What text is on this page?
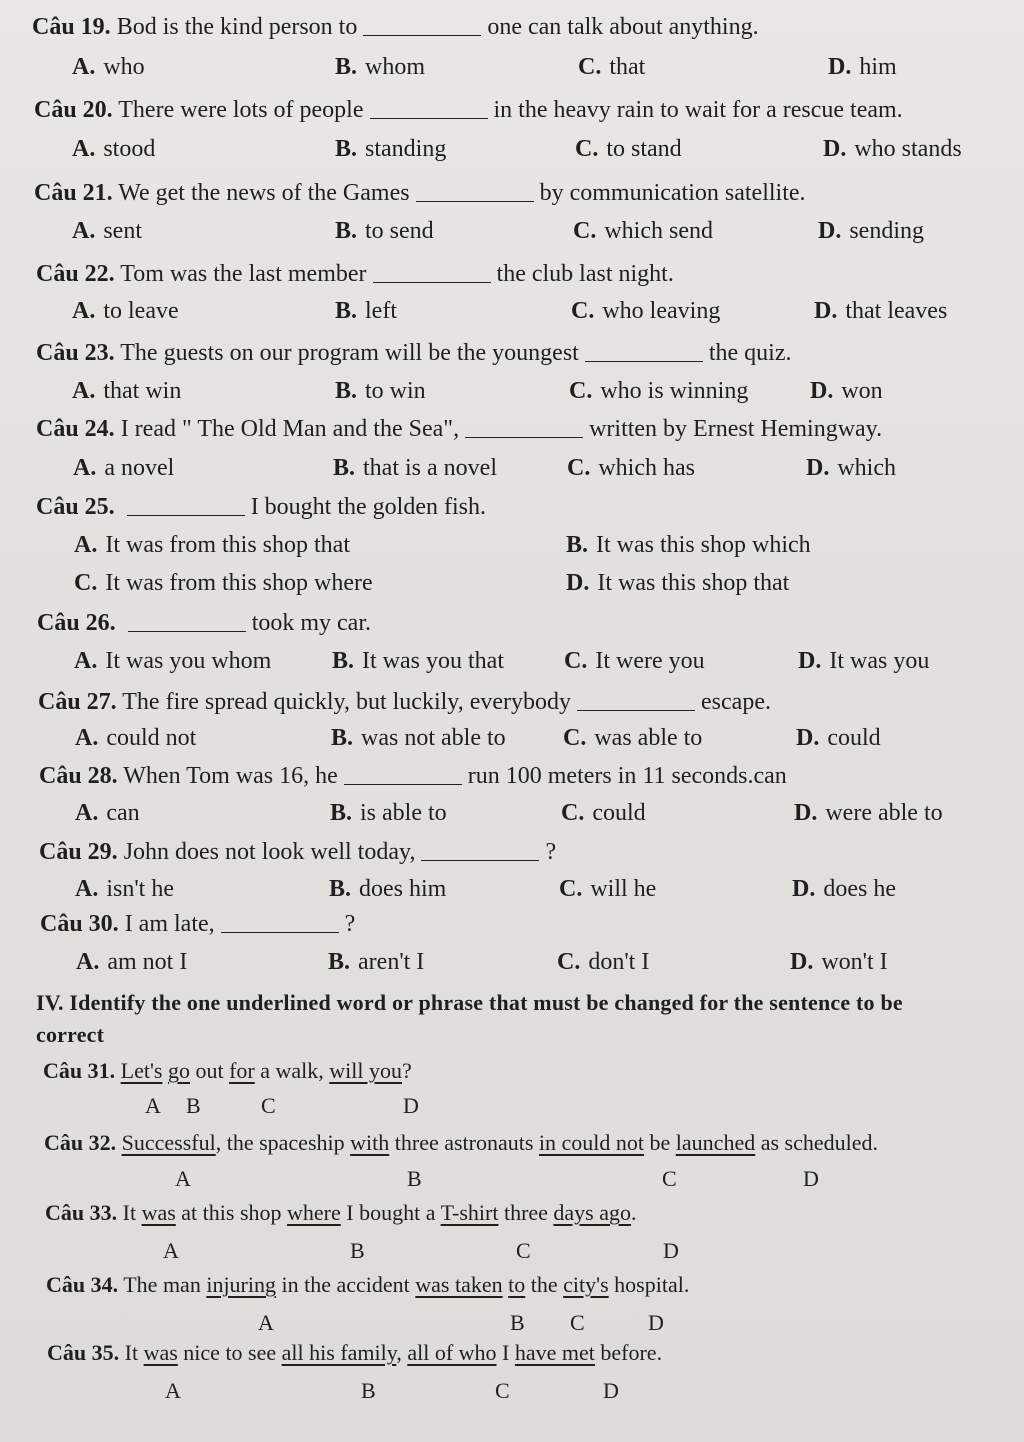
Câu 19. Bod is the kind person to	one can talk about anything.
A. who	B. whom	C. that	D. him
Câu 20. There were lots of people	in the heavy rain to wait for a rescue team.
A. stood	B. standing	C. to stand	D. who stands
Câu 21. We get the news of the Games	by communication satellite.
A. sent	B. to send	C. which send	D. sending
Câu 22. Tom was the last member	the club last night.
A. to leave	B. left	C. who leaving	D. that leaves
Câu 23. The guests on our program will be the youngest	the quiz.
A. that win	B. to win	C. who is winning	D. won
Câu 24. I read " The Old Man and the Sea",	written by Ernest Hemingway.
A. a novel	B. that is a novel	C. which has	D. which
Câu 25.	I bought the golden fish.
A. It was from this shop that	B. It was this shop which
C. It was from this shop where	D. It was this shop that
Câu 26.	took my car.
A. It was you whom	B. It was you that	C. It were you	D. It was you
Câu 27. The fire spread quickly, but luckily, everybody	escape.
A. could not	B. was not able to C. was able to	D. could
Câu 28. When Tom was 16, he	run 100 meters in 11 seconds.can
A. can	B. is able to	C. could	D. were able to
Câu 29. John does not look well today,	?
A. isn't he	B. does him	C. will he	D. does he
Câu 30. I am late,	?
A. am not I	B. aren't I	C. don't I	D. won't I
IV. Identify the one underlined word or phrase that must be changed for the sentence to be
correct
Câu 31. Let's go out for a walk, will you?
A B	C	D
Câu 32. Successful, the spaceship with three astronauts in could not be launched as scheduled.
A	B	C	D
Câu 33. It was at this shop where I bought a T-shirt three days ago.
A	B	C	D
Câu 34. The man injuring in the accident was taken to the city's hospital.
A	B C	D
Câu 35. It was nice to see all his family, all of who I have met before.
A	B	C	D
